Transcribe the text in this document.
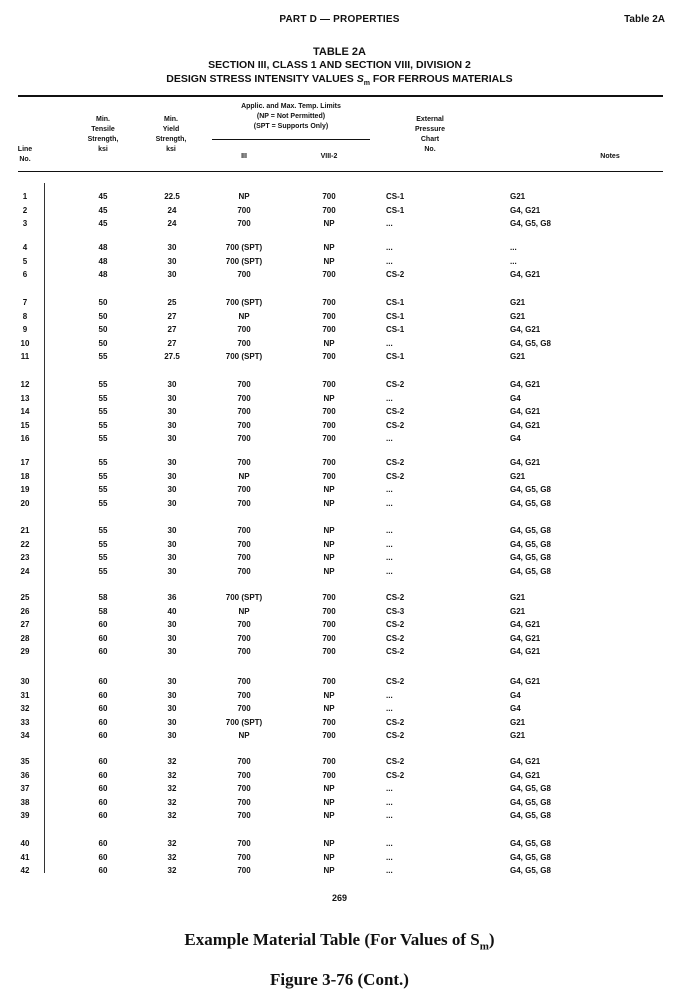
PART D — PROPERTIES	Table 2A
TABLE 2A
SECTION III, CLASS 1 AND SECTION VIII, DIVISION 2
DESIGN STRESS INTENSITY VALUES $S_m$ FOR FERROUS MATERIALS
Line
No.
Min.
Tensile
Strength,
ksi
Min.
Yield
Strength,
ksi
Applic. and Max. Temp. Limits
(NP = Not Permitted)
(SPT = Supports Only)
III	VIII-2
External
Pressure
Chart
No.
Notes
1	45	22.5	NP	700	CS-1	G21
2	45	24	700	700	CS-1	G4, G21
3	45	24	700	NP	...	G4, G5, G8
4	48	30	700 (SPT)	NP	...	...
5	48	30	700 (SPT)	NP	...	...
6	48	30	700	700	CS-2	G4, G21
7	50	25	700 (SPT)	700	CS-1	G21
8	50	27	NP	700	CS-1	G21
9	50	27	700	700	CS-1	G4, G21
10	50	27	700	NP	...	G4, G5, G8
11	55	27.5	700 (SPT)	700	CS-1	G21
12	55	30	700	700	CS-2	G4, G21
13	55	30	700	NP	...	G4
14	55	30	700	700	CS-2	G4, G21
15	55	30	700	700	CS-2	G4, G21
16	55	30	700	700	...	G4
17	55	30	700	700	CS-2	G4, G21
18	55	30	NP	700	CS-2	G21
19	55	30	700	NP	...	G4, G5, G8
20	55	30	700	NP	...	G4, G5, G8
21	55	30	700	NP	...	G4, G5, G8
22	55	30	700	NP	...	G4, G5, G8
23	55	30	700	NP	...	G4, G5, G8
24	55	30	700	NP	...	G4, G5, G8
25	58	36	700 (SPT)	700	CS-2	G21
26	58	40	NP	700	CS-3	G21
27	60	30	700	700	CS-2	G4, G21
28	60	30	700	700	CS-2	G4, G21
29	60	30	700	700	CS-2	G4, G21
30	60	30	700	700	CS-2	G4, G21
31	60	30	700	NP	...	G4
32	60	30	700	NP	...	G4
33	60	30	700 (SPT)	700	CS-2	G21
34	60	30	NP	700	CS-2	G21
35	60	32	700	700	CS-2	G4, G21
36	60	32	700	700	CS-2	G4, G21
37	60	32	700	NP	...	G4, G5, G8
38	60	32	700	NP	...	G4, G5, G8
39	60	32	700	NP	...	G4, G5, G8
40	60	32	700	NP	...	G4, G5, G8
41	60	32	700	NP	...	G4, G5, G8
42	60	32	700	NP	...	G4, G5, G8
269
Example Material Table (For Values of $S_m$)
Figure 3-76 (Cont.)
